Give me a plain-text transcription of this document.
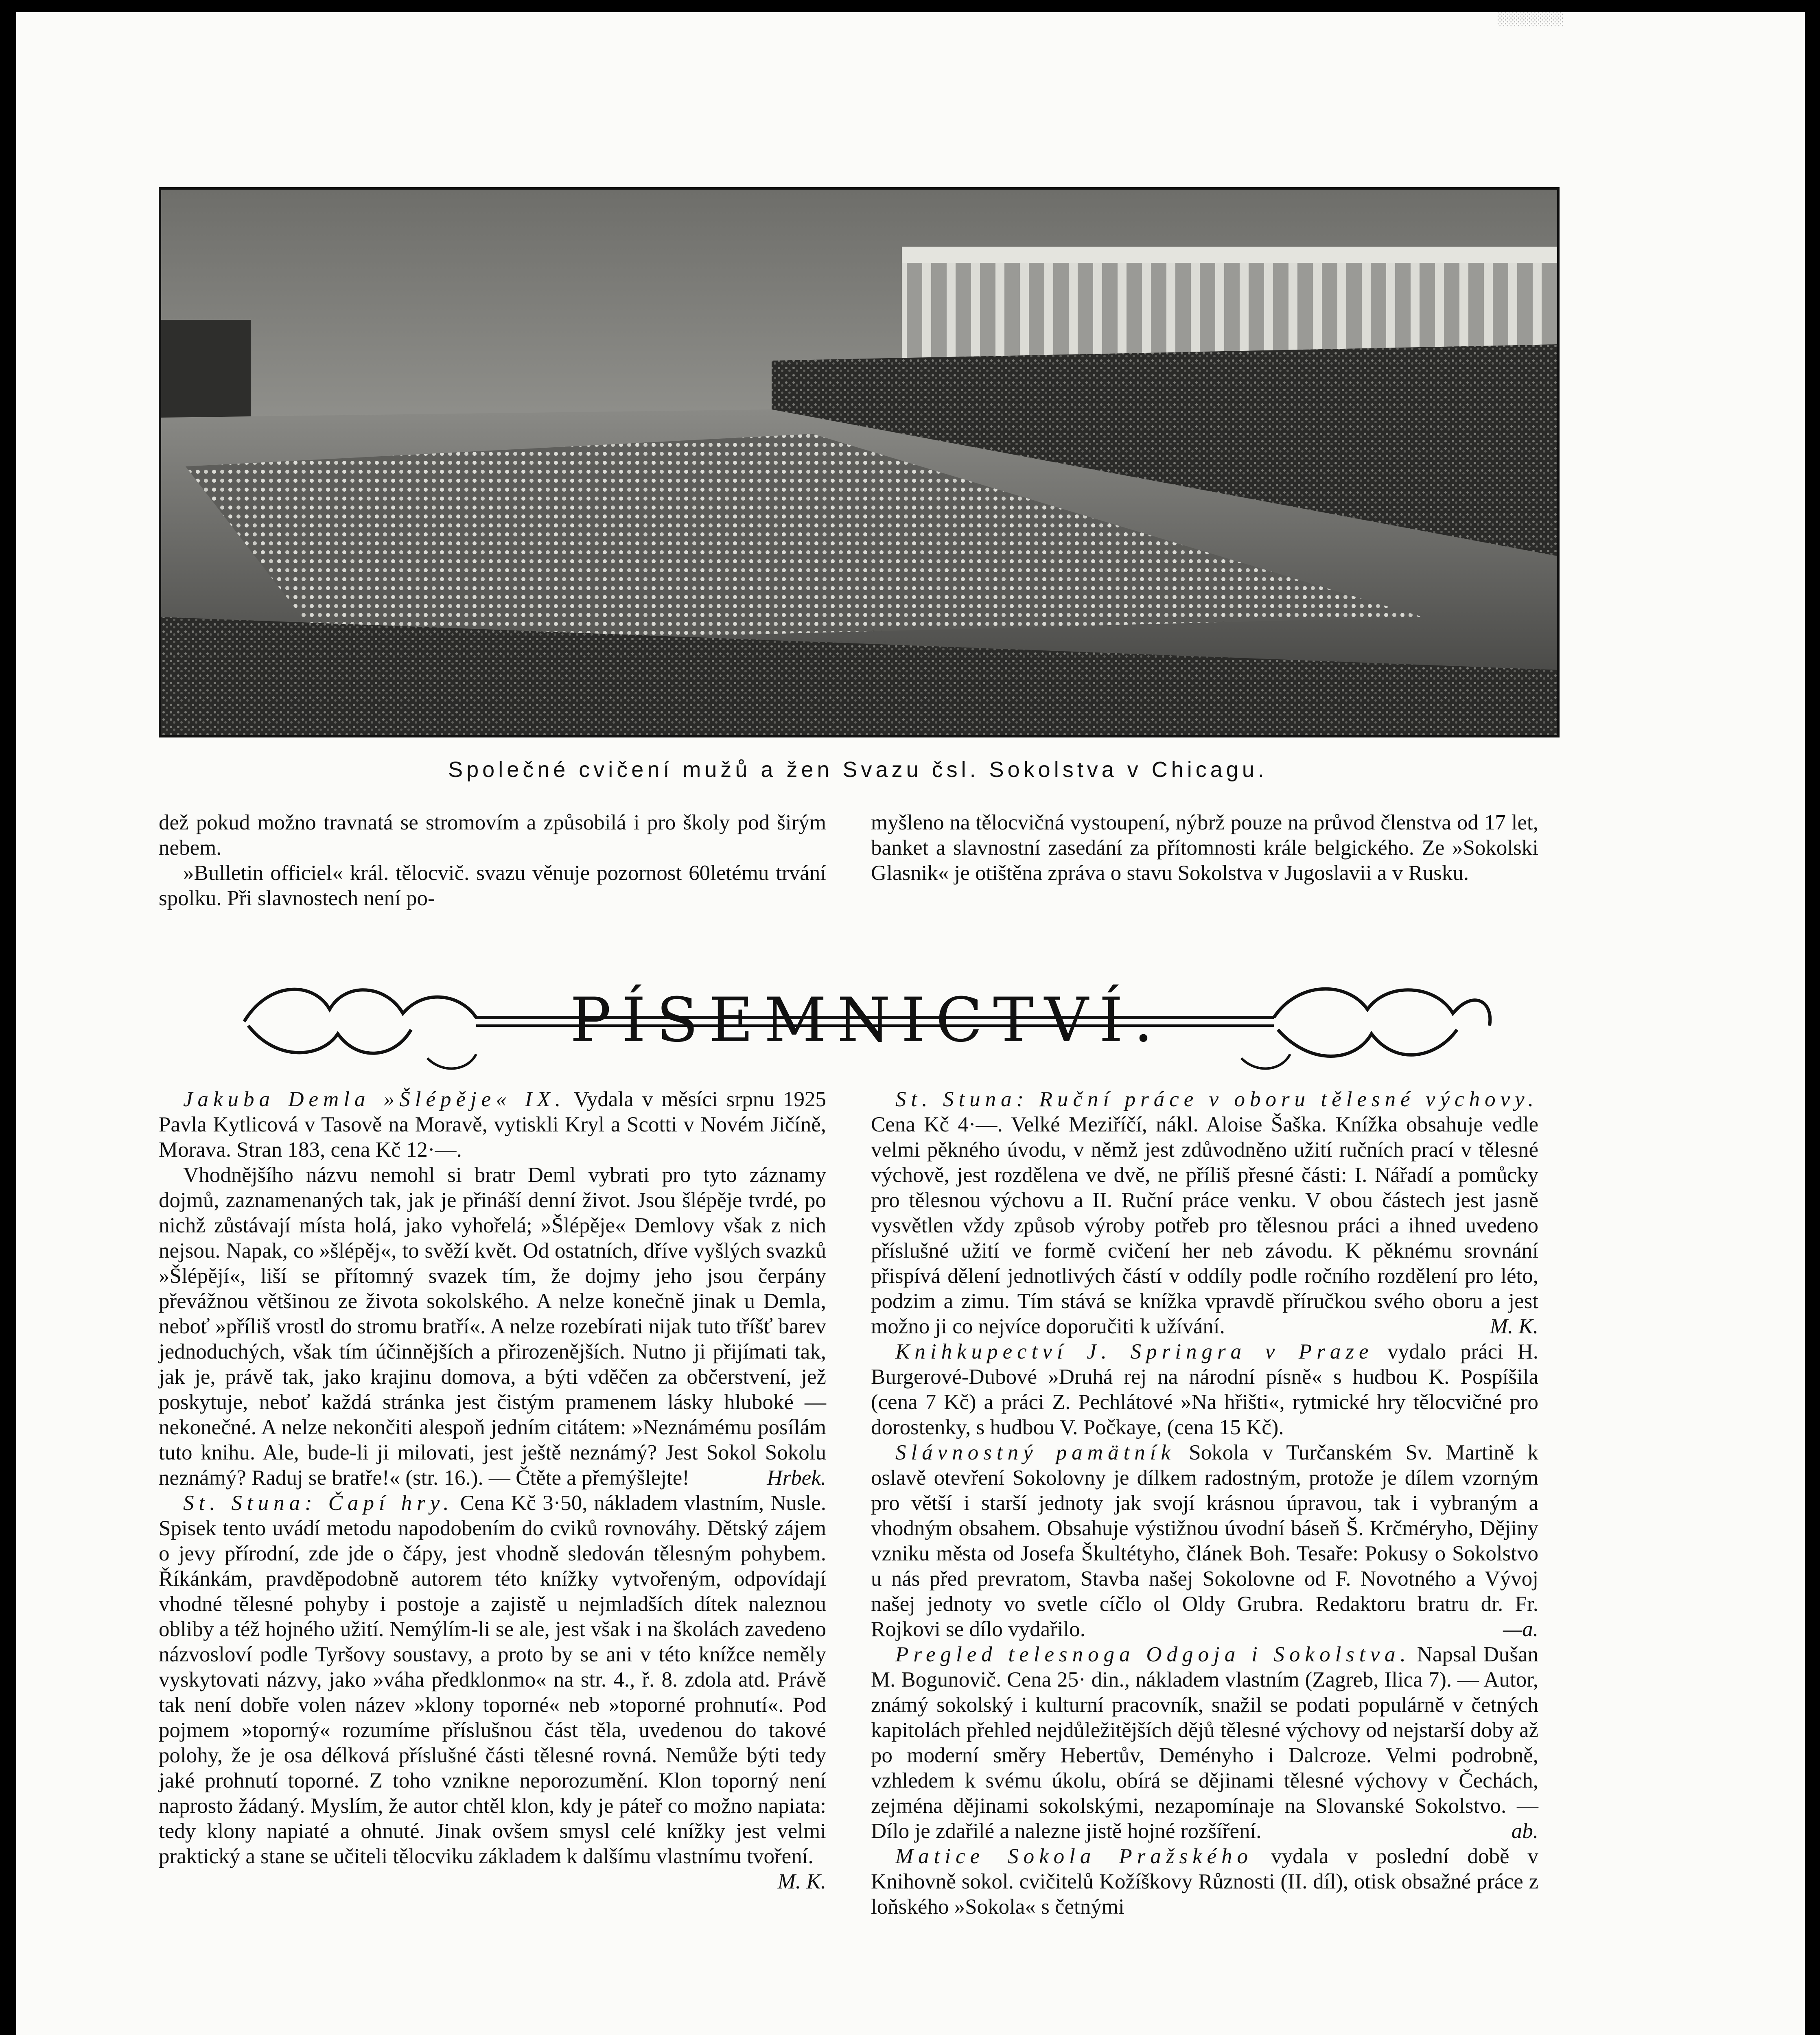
░░░░░░░░░
Společné cvičení mužů a žen Svazu čsl. Sokolstva v Chicagu.

dež pokud možno travnatá se stromovím a způsobilá i pro školy pod širým nebem.

»Bulletin officiel« král. tělocvič. svazu věnuje pozornost 60letému trvání spolku. Při slavnostech není po-

myšleno na tělocvičná vystoupení, nýbrž pouze na průvod členstva od 17 let, banket a slavnostní zasedání za přítomnosti krále belgického. Ze »Sokolski Glasnik« je otištěna zpráva o stavu Sokolstva v Jugoslavii a v Rusku.

PÍSEMNICTVÍ.

Jakuba Demla »Šlépěje« IX. Vydala v měsíci srpnu 1925 Pavla Kytlicová v Tasově na Moravě, vytiskli Kryl a Scotti v Novém Jičíně, Morava. Stran 183, cena Kč 12·—.

Vhodnějšího názvu nemohl si bratr Deml vybrati pro tyto záznamy dojmů, zaznamenaných tak, jak je přináší denní život. Jsou šlépěje tvrdé, po nichž zůstávají místa holá, jako vyhořelá; »Šlépěje« Demlovy však z nich nejsou. Napak, co »šlépěj«, to svěží květ. Od ostatních, dříve vyšlých svazků »Šlépějí«, liší se přítomný svazek tím, že dojmy jeho jsou čerpány převážnou většinou ze života sokolského. A nelze konečně jinak u Demla, neboť »příliš vrostl do stromu bratří«. A nelze rozebírati nijak tuto tříšť barev jednoduchých, však tím účinnějších a přirozenějších. Nutno ji přijímati tak, jak je, právě tak, jako krajinu domova, a býti vděčen za občerstvení, jež poskytuje, neboť každá stránka jest čistým pramenem lásky hluboké — nekonečné. A nelze nekončiti alespoň jedním citátem: »Neznámému posílám tuto knihu. Ale, bude-li ji milovati, jest ještě neznámý? Jest Sokol Sokolu neznámý? Raduj se bratře!« (str. 16.). — Čtěte a přemýšlejte!	Hrbek.

St. Stuna: Čapí hry. Cena Kč 3·50, nákladem vlastním, Nusle. Spisek tento uvádí metodu napodobením do cviků rovnováhy. Dětský zájem o jevy přírodní, zde jde o čápy, jest vhodně sledován tělesným pohybem. Říkánkám, pravděpodobně autorem této knížky vytvořeným, odpovídají vhodné tělesné pohyby i postoje a zajistě u nejmladších dítek naleznou obliby a též hojného užití. Nemýlím-li se ale, jest však i na školách zavedeno názvosloví podle Tyršovy soustavy, a proto by se ani v této knížce neměly vyskytovati názvy, jako »váha předklonmo« na str. 4., ř. 8. zdola atd. Právě tak není dobře volen název »klony toporné« neb »toporné prohnutí«. Pod pojmem »toporný« rozumíme příslušnou část těla, uvedenou do takové polohy, že je osa délková příslušné části tělesné rovná. Nemůže býti tedy jaké prohnutí toporné. Z toho vznikne neporozumění. Klon toporný není naprosto žádaný. Myslím, že autor chtěl klon, kdy je páteř co možno napiata: tedy klony napiaté a ohnuté. Jinak ovšem smysl celé knížky jest velmi praktický a stane se učiteli tělocviku základem k dalšímu vlastnímu tvoření.
M. K.

St. Stuna: Ruční práce v oboru tělesné výchovy. Cena Kč 4·—. Velké Meziříčí, nákl. Aloise Šaška. Knížka obsahuje vedle velmi pěkného úvodu, v němž jest zdůvodněno užití ručních prací v tělesné výchově, jest rozdělena ve dvě, ne příliš přesné části: I. Nářadí a pomůcky pro tělesnou výchovu a II. Ruční práce venku. V obou částech jest jasně vysvětlen vždy způsob výroby potřeb pro tělesnou práci a ihned uvedeno příslušné užití ve formě cvičení her neb závodu. K pěknému srovnání přispívá dělení jednotlivých částí v oddíly podle ročního rozdělení pro léto, podzim a zimu. Tím stává se knížka vpravdě příručkou svého oboru a jest možno ji co nejvíce doporučiti k užívání.	M. K.

Knihkupectví J. Springra v Praze vydalo práci H. Burgerové-Dubové »Druhá rej na národní písně« s hudbou K. Pospíšila (cena 7 Kč) a práci Z. Pechlátové »Na hřišti«, rytmické hry tělocvičné pro dorostenky, s hudbou V. Počkaye, (cena 15 Kč).

Slávnostný pamätník Sokola v Turčanském Sv. Martině k oslavě otevření Sokolovny je dílkem radostným, protože je dílem vzorným pro větší i starší jednoty jak svojí krásnou úpravou, tak i vybraným a vhodným obsahem. Obsahuje výstižnou úvodní báseň Š. Krčméryho, Dějiny vzniku města od Josefa Škultétyho, článek Boh. Tesaře: Pokusy o Sokolstvo u nás před prevratom, Stavba našej Sokolovne od F. Novotného a Vývoj našej jednoty vo svetle cíčlo ol Oldy Grubra. Redaktoru bratru dr. Fr. Rojkovi se dílo vydařilo.	—a.

Pregled telesnoga Odgoja i Sokolstva. Napsal Dušan M. Bogunovič. Cena 25· din., nákladem vlastním (Zagreb, Ilica 7). — Autor, známý sokolský i kulturní pracovník, snažil se podati populárně v četných kapitolách přehled nejdůležitějších dějů tělesné výchovy od nejstarší doby až po moderní směry Hebertův, Deményho i Dalcroze. Velmi podrobně, vzhledem k svému úkolu, obírá se dějinami tělesné výchovy v Čechách, zejména dějinami sokolskými, nezapomínaje na Slovanské Sokolstvo. — Dílo je zdařilé a nalezne jistě hojné rozšíření.	ab.

Matice Sokola Pražského vydala v poslední době v Knihovně sokol. cvičitelů Kožíškovy Různosti (II. díl), otisk obsažné práce z loňského »Sokola« s četnými
